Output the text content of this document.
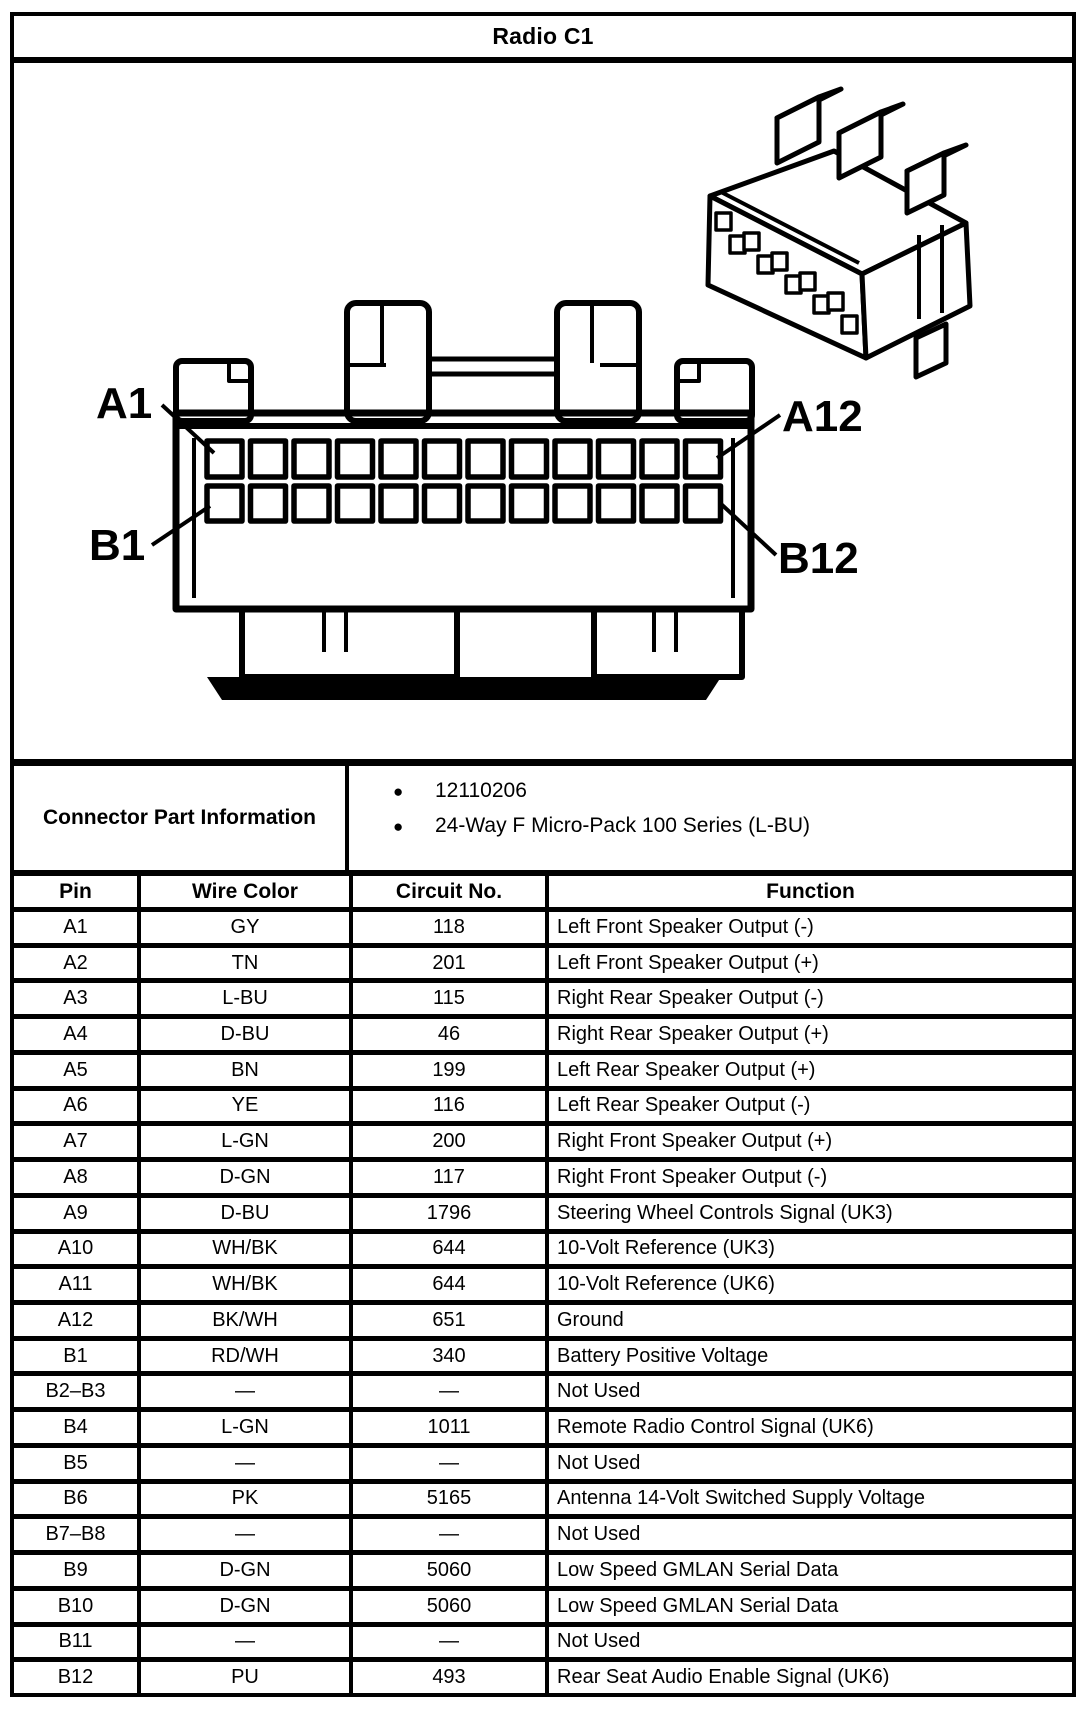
Radio C1
A1	A12
B1	B12
Connector Part Information
●	12110206
●	24-Way F Micro-Pack 100 Series (L-BU)
Pin	Wire Color	Circuit No.	Function
A1	GY	118	Left Front Speaker Output (-)
A2	TN	201	Left Front Speaker Output (+)
A3	L-BU	115	Right Rear Speaker Output (-)
A4	D-BU	46	Right Rear Speaker Output (+)
A5	BN	199	Left Rear Speaker Output (+)
A6	YE	116	Left Rear Speaker Output (-)
A7	L-GN	200	Right Front Speaker Output (+)
A8	D-GN	117	Right Front Speaker Output (-)
A9	D-BU	1796	Steering Wheel Controls Signal (UK3)
A10	WH/BK	644	10-Volt Reference (UK3)
A11	WH/BK	644	10-Volt Reference (UK6)
A12	BK/WH	651	Ground
B1	RD/WH	340	Battery Positive Voltage
B2–B3	—	—	Not Used
B4	L-GN	1011	Remote Radio Control Signal (UK6)
B5	—	—	Not Used
B6	PK	5165	Antenna 14-Volt Switched Supply Voltage
B7–B8	—	—	Not Used
B9	D-GN	5060	Low Speed GMLAN Serial Data
B10	D-GN	5060	Low Speed GMLAN Serial Data
B11	—	—	Not Used
B12	PU	493	Rear Seat Audio Enable Signal (UK6)
